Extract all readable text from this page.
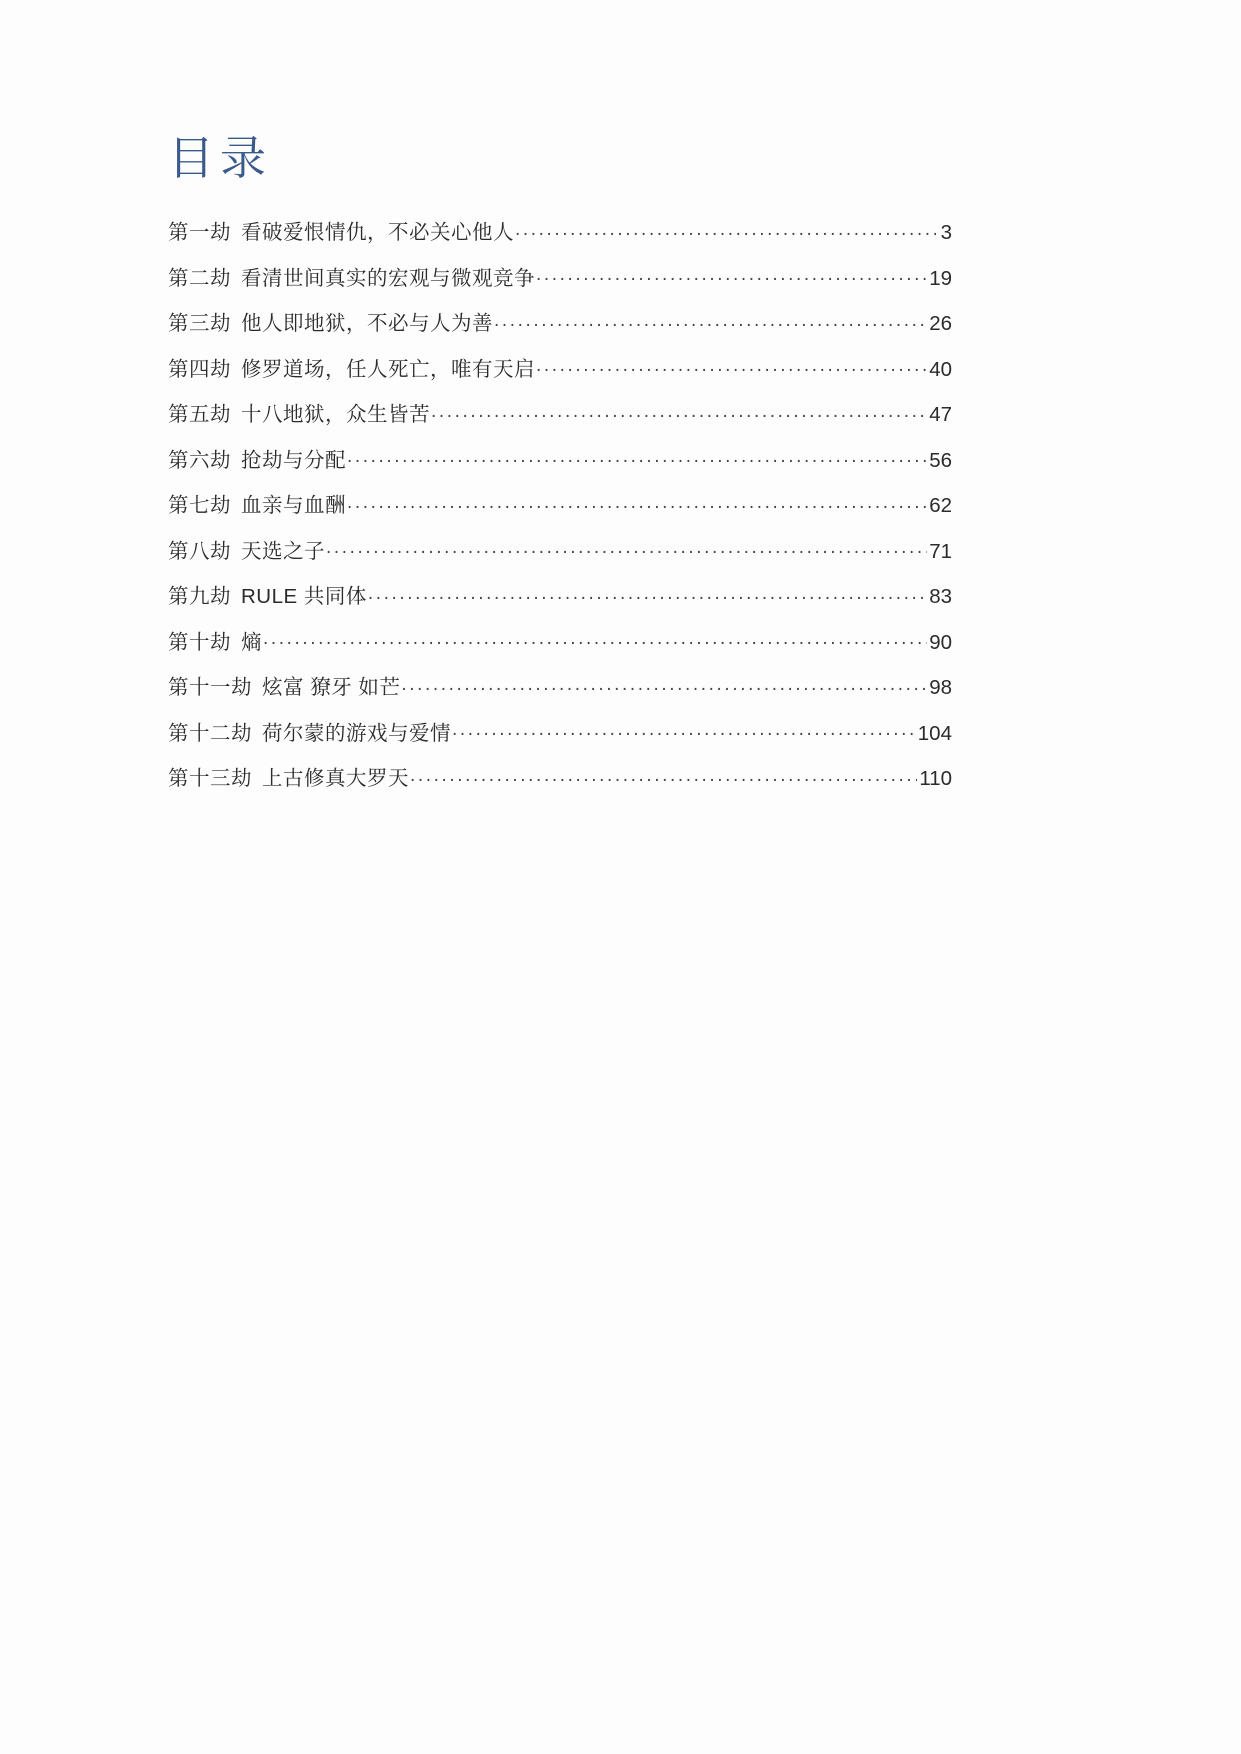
目录
第一劫 看破爱恨情仇，不必关心他人 .....	3
第二劫 看清世间真实的宏观与微观竞争 .....	19
第三劫 他人即地狱，不必与人为善 .....	26
第四劫 修罗道场，任人死亡，唯有天启 .....	40
第五劫 十八地狱，众生皆苦 .....	47
第六劫 抢劫与分配 .....	56
第七劫 血亲与血酬 .....	62
第八劫 天选之子 .....	71
第九劫 RULE 共同体 .....	83
第十劫 熵 .....	90
第十一劫 炫富 獠牙 如芒 .....	98
第十二劫 荷尔蒙的游戏与爱情 .....	104
第十三劫 上古修真大罗天 .....	110
